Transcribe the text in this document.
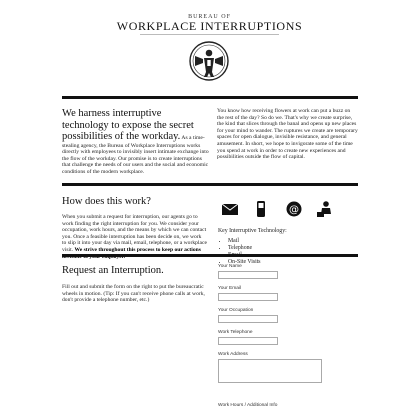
BUREAU OF
WORKPLACE INTERRUPTIONS
We harness interruptive technology to expose the secret possibilities of the workday. As a time-stealing agency, the Bureau of Workplace Interruptions works directly with employees to invisibly insert intimate exchange into the flow of the workday. Our promise is to create interruptions that challenge the needs of our users and the social and economic conditions of the modern workplace.
You know how receiving flowers at work can put a buzz on the rest of the day? So do we. That's why we create surprise, the kind that slices through the banal and opens up new places for your mind to wander. The ruptures we create are temporary spaces for open dialogue, invisible resistance, and general amusement. In short, we hope to invigorate some of the time you spend at work in order to create new experiences and possibilities outside the flow of capital.
How does this work?
When you submit a request for interruption, our agents go to work finding the right interruption for you. We consider your occupation, work hours, and the means by which we can contact you. Once a feasible interruption has been decide on, we work to slip it into your day via mail, email, telephone, or a workplace visit. We strive throughout this process to keep our actions
@
Key Interruptive Technology:
• Mail
• Telephone
•
• On-Site Visits
Request an Interruption.
Fill out and submit the form on the right to put the bureaucratic wheels in motion. (Tip: If you can't receive phone calls at work, don't provide a telephone number, etc.)
Your Name
Your Email
Your Occupation
Work Telephone
Work Address
Work Hours / Additional Info
